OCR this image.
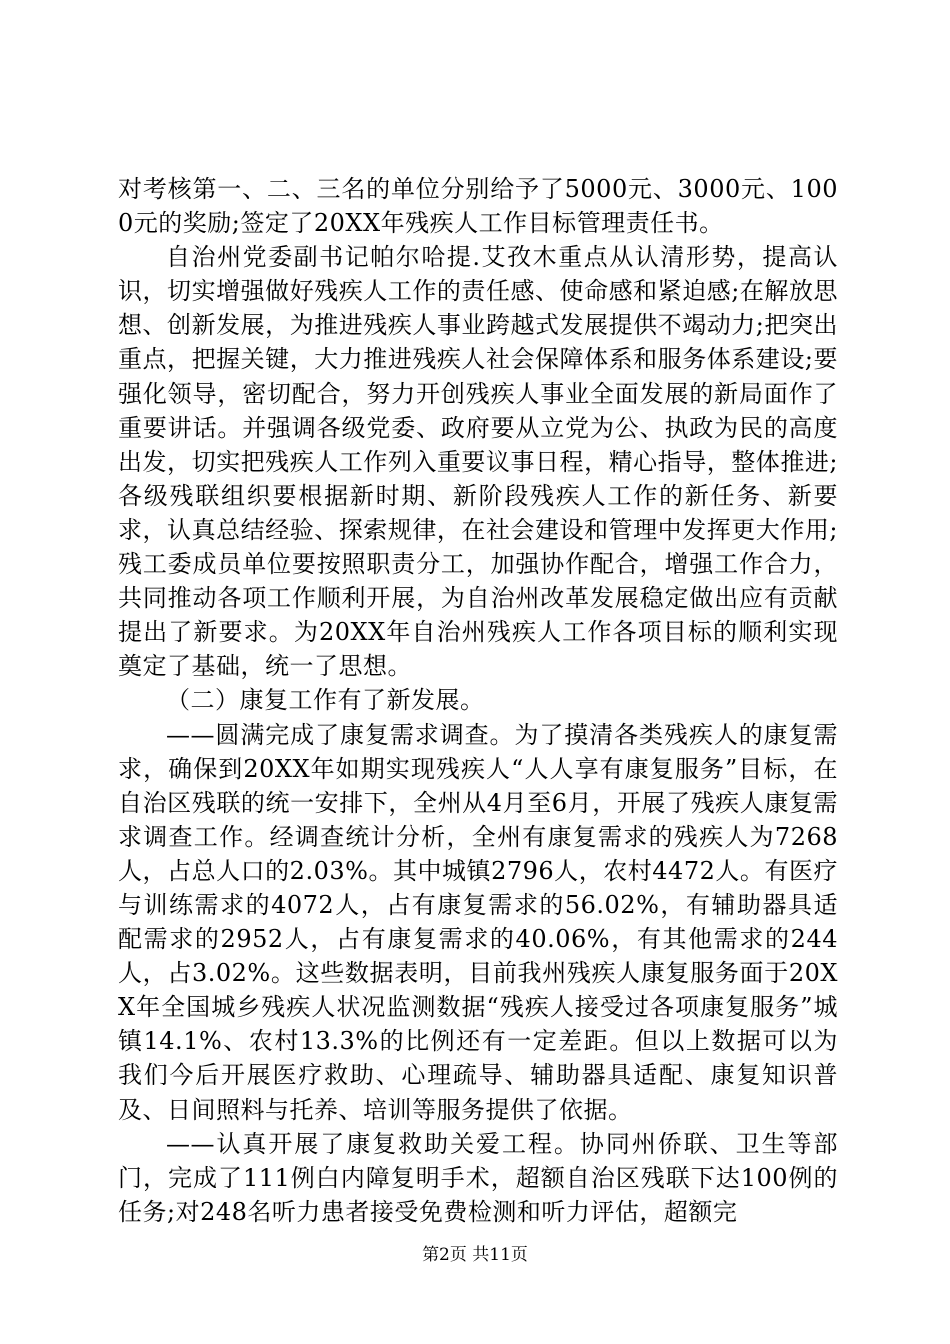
对考核第一、二、三名的单位分别给予了5000元、3000元、1000元的奖励;签定了20XX年残疾人工作目标管理责任书。

自治州党委副书记帕尔哈提.艾孜木重点从认清形势，提高认识，切实增强做好残疾人工作的责任感、使命感和紧迫感;在解放思想、创新发展，为推进残疾人事业跨越式发展提供不竭动力;把突出重点，把握关键，大力推进残疾人社会保障体系和服务体系建设;要强化领导，密切配合，努力开创残疾人事业全面发展的新局面作了重要讲话。并强调各级党委、政府要从立党为公、执政为民的高度出发，切实把残疾人工作列入重要议事日程，精心指导，整体推进;各级残联组织要根据新时期、新阶段残疾人工作的新任务、新要求，认真总结经验、探索规律，在社会建设和管理中发挥更大作用;残工委成员单位要按照职责分工，加强协作配合，增强工作合力，共同推动各项工作顺利开展，为自治州改革发展稳定做出应有贡献提出了新要求。为20XX年自治州残疾人工作各项目标的顺利实现奠定了基础，统一了思想。

（二）康复工作有了新发展。

——圆满完成了康复需求调查。为了摸清各类残疾人的康复需求，确保到20XX年如期实现残疾人“人人享有康复服务”目标，在自治区残联的统一安排下，全州从4月至6月，开展了残疾人康复需求调查工作。经调查统计分析，全州有康复需求的残疾人为7268人，占总人口的2.03%。其中城镇2796人，农村4472人。有医疗与训练需求的4072人，占有康复需求的56.02%，有辅助器具适配需求的2952人，占有康复需求的40.06%，有其他需求的244人，占3.02%。这些数据表明，目前我州残疾人康复服务面于20XX年全国城乡残疾人状况监测数据“残疾人接受过各项康复服务”城镇14.1%、农村13.3%的比例还有一定差距。但以上数据可以为我们今后开展医疗救助、心理疏导、辅助器具适配、康复知识普及、日间照料与托养、培训等服务提供了依据。

——认真开展了康复救助关爱工程。协同州侨联、卫生等部门，完成了111例白内障复明手术，超额自治区残联下达100例的任务;对248名听力患者接受免费检测和听力评估，超额完

第2页 共11页
